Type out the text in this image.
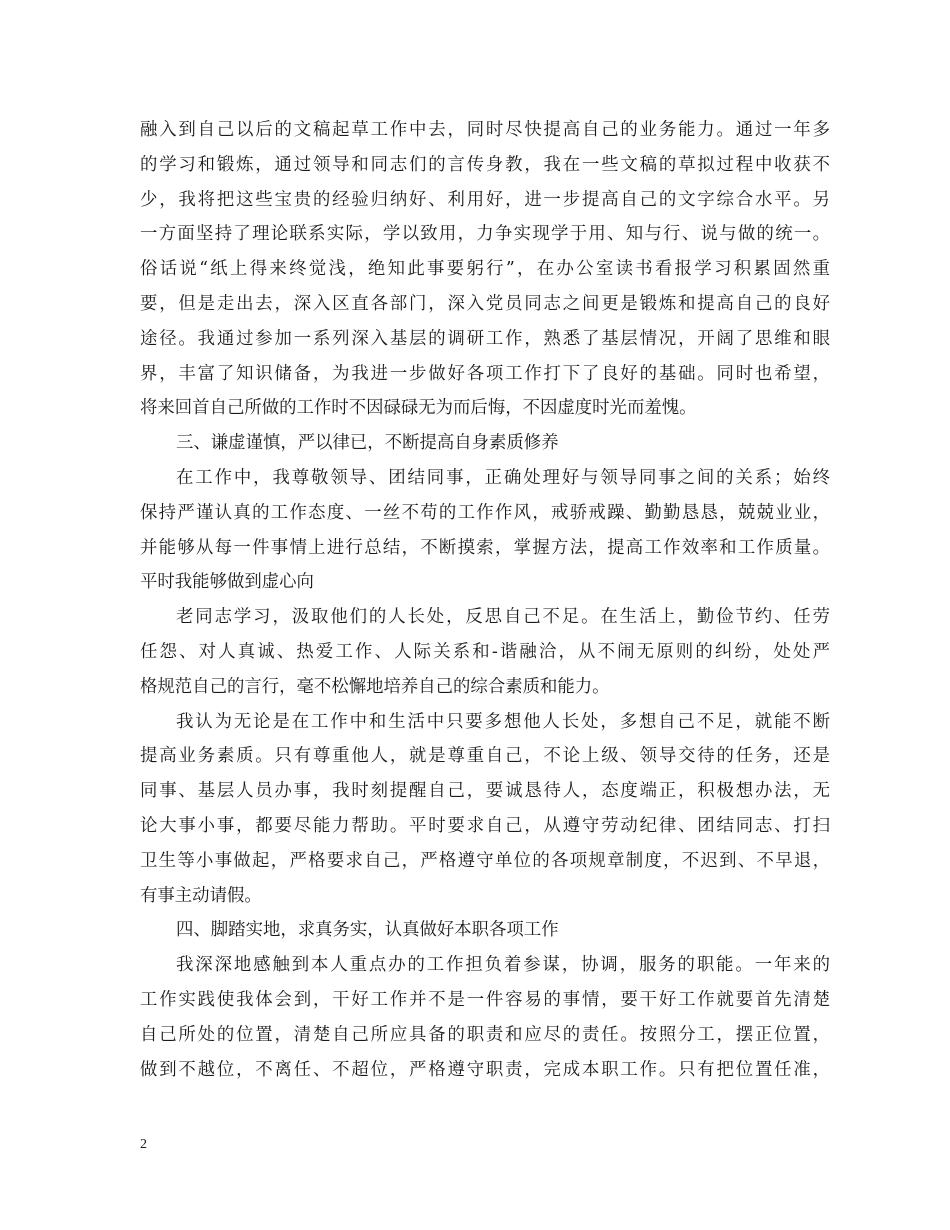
融入到自己以后的文稿起草工作中去，同时尽快提高自己的业务能力。通过一年多
的学习和锻炼，通过领导和同志们的言传身教，我在一些文稿的草拟过程中收获不
少，我将把这些宝贵的经验归纳好、利用好，进一步提高自己的文字综合水平。另
一方面坚持了理论联系实际，学以致用，力争实现学于用、知与行、说与做的统一。
俗话说“纸上得来终觉浅，绝知此事要躬行”，在办公室读书看报学习积累固然重
要，但是走出去，深入区直各部门，深入党员同志之间更是锻炼和提高自己的良好
途径。我通过参加一系列深入基层的调研工作，熟悉了基层情况，开阔了思维和眼
界，丰富了知识储备，为我进一步做好各项工作打下了良好的基础。同时也希望，
将来回首自己所做的工作时不因碌碌无为而后悔，不因虚度时光而羞愧。
三、谦虚谨慎，严以律已，不断提高自身素质修养
在工作中，我尊敬领导、团结同事，正确处理好与领导同事之间的关系；始终
保持严谨认真的工作态度、一丝不苟的工作作风，戒骄戒躁、勤勤恳恳，兢兢业业，
并能够从每一件事情上进行总结，不断摸索，掌握方法，提高工作效率和工作质量。
平时我能够做到虚心向
老同志学习，汲取他们的人长处，反思自己不足。在生活上，勤俭节约、任劳
任怨、对人真诚、热爱工作、人际关系和-谐融洽，从不闹无原则的纠纷，处处严
格规范自己的言行，毫不松懈地培养自己的综合素质和能力。
我认为无论是在工作中和生活中只要多想他人长处，多想自己不足，就能不断
提高业务素质。只有尊重他人，就是尊重自己，不论上级、领导交待的任务，还是
同事、基层人员办事，我时刻提醒自己，要诚恳待人，态度端正，积极想办法，无
论大事小事，都要尽能力帮助。平时要求自己，从遵守劳动纪律、团结同志、打扫
卫生等小事做起，严格要求自己，严格遵守单位的各项规章制度，不迟到、不早退，
有事主动请假。
四、脚踏实地，求真务实，认真做好本职各项工作
我深深地感触到本人重点办的工作担负着参谋，协调，服务的职能。一年来的
工作实践使我体会到，干好工作并不是一件容易的事情，要干好工作就要首先清楚
自己所处的位置，清楚自己所应具备的职责和应尽的责任。按照分工，摆正位置，
做到不越位，不离任、不超位，严格遵守职责，完成本职工作。只有把位置任准，
2
